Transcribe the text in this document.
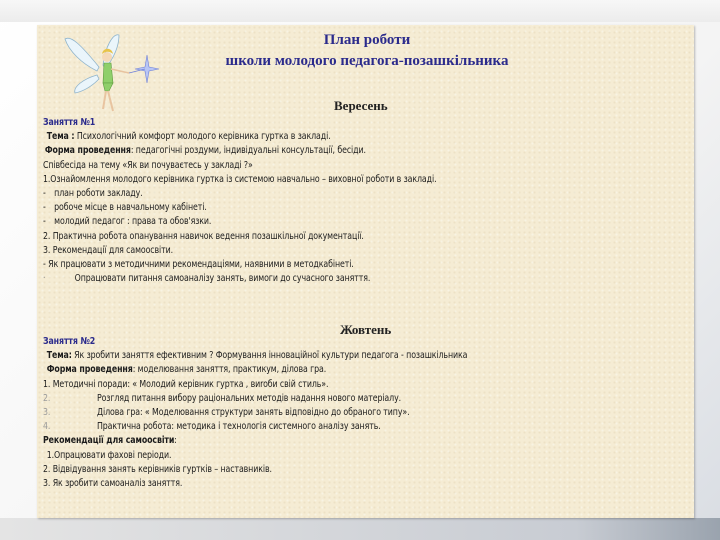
План роботи

школи молодого педагога-позашкільника

Вересень
Заняття №1
Тема : Психологічний комфорт молодого керівника гуртка в закладі.
Форма проведення: педагогічні роздуми, індивідуальні консультації, бесіди.
Співбесіда на тему «Як ви почуваєтесь у закладі ?»
1.Ознайомлення молодого керівника гуртка із системою навчально – виховної роботи в закладі.
- план роботи закладу.
- робоче місце в навчальному кабінеті.
- молодий педагог : права та обов'язки.
2. Практична робота опанування навичок ведення позашкільної документації.
3. Рекомендації для самоосвіти.
- Як працювати з методичними рекомендаціями, наявними в методкабінеті.
·	Опрацювати питання самоаналізу занять, вимоги до сучасного заняття.
Жовтень
Заняття №2
Тема: Як зробити заняття ефективним ? Формування інноваційної культури педагога - позашкільника
Форма проведення: моделювання заняття, практикум, ділова гра.
1. Методичні поради: « Молодий керівник гуртка , виroби свій стиль».
2.	Розгляд питання вибору раціональних методів надання нового матеріалу.
3.	Ділова гра: « Моделювання структури занять відповідно до обраного типу».
4.	Практична робота: методика і технологія системного аналізу занять.
Рекомендації для самоосвіти:
1.Опрацювати фахові періоди.
2. Відвідування занять керівників гуртків – наставників.
3. Як зробити самоаналіз заняття.
